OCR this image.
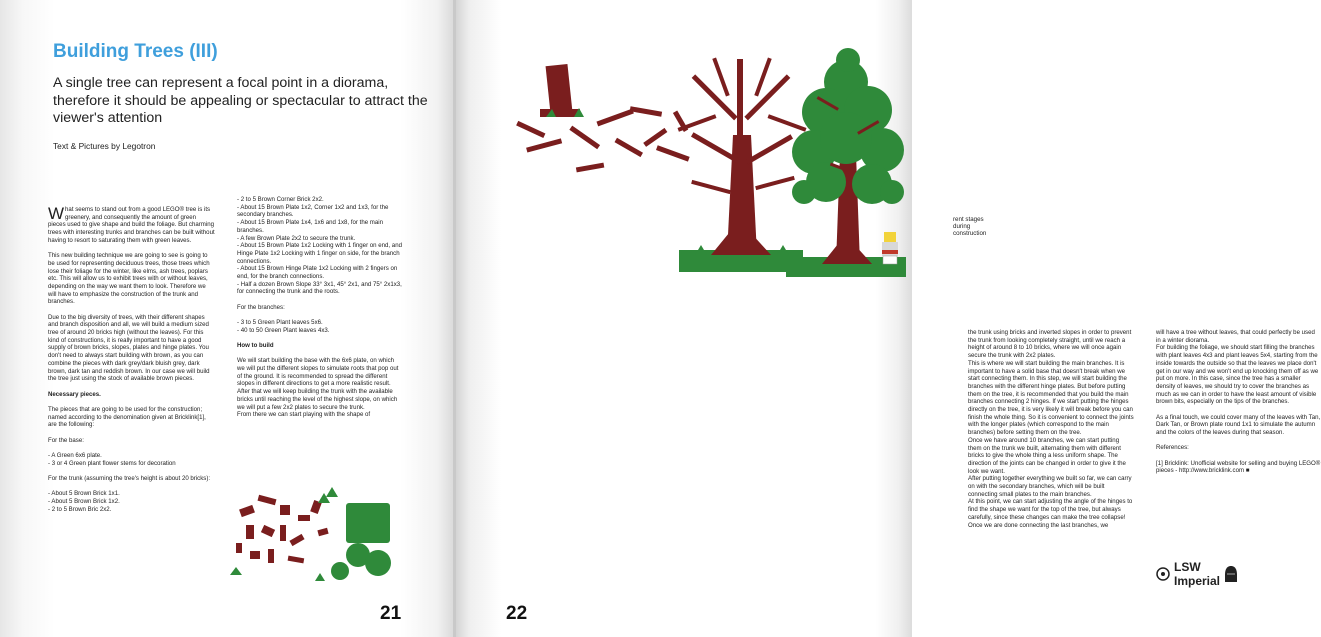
Building Trees (III)

A single tree can represent a focal point in a diorama, therefore it should be appealing or spectacular to attract the viewer's attention

Text & Pictures by Legotron

What seems to stand out from a good LEGO® tree is its greenery, and consequently the amount of green pieces used to give shape and build the foliage. But charming trees with interesting trunks and branches can be built without having to resort to saturating them with green leaves.

This new building technique we are going to see is going to be used for representing deciduous trees, those trees which lose their foliage for the winter, like elms, ash trees, poplars etc. This will allow us to exhibit trees with or without leaves, depending on the way we want them to look. Therefore we will have to emphasize the construction of the trunk and branches.

Due to the big diversity of trees, with their different shapes and branch disposition and all, we will build a medium sized tree of around 20 bricks high (without the leaves). For this kind of constructions, it is really important to have a good supply of brown bricks, slopes, plates and hinge plates. You don't need to always start building with brown, as you can combine the pieces with dark grey/dark bluish grey, dark brown, dark tan and reddish brown. In our case we will build the tree just using the stock of available brown pieces.

Necessary pieces.

The pieces that are going to be used for the construction; named according to the denomination given at Bricklink[1], are the following:

For the base:

- A Green 6x6 plate.
- 3 or 4 Green plant flower stems for decoration

For the trunk (assuming the tree's height is about 20 bricks):

- About 5 Brown Brick 1x1.
- About 5 Brown Brick 1x2.
- 2 to 5 Brown Bric 2x2.

- 2 to 5 Brown Corner Brick 2x2.
- About 15 Brown Plate 1x2, Corner 1x2 and 1x3, for the secondary branches.
- About 15 Brown Plate 1x4, 1x6 and 1x8, for the main branches.
- A few Brown Plate 2x2 to secure the trunk.
- About 15 Brown Plate 1x2 Locking with 1 finger on end, and Hinge Plate 1x2 Locking with 1 finger on side, for the branch connections.
- About 15 Brown Hinge Plate 1x2 Locking with 2 fingers on end, for the branch connections.
- Half a dozen Brown Slope 33° 3x1, 45° 2x1, and 75° 2x1x3, for connecting the trunk and the roots.

For the branches:

- 3 to 5 Green Plant leaves 5x6.
- 40 to 50 Green Plant leaves 4x3.

How to build

We will start building the base with the 6x6 plate, on which we will put the different slopes to simulate roots that pop out of the ground. It is recommended to spread the different slopes in different directions to get a more realistic result.
After that we will keep building the trunk with the available bricks until reaching the level of the highest slope, on which we will put a few 2x2 plates to secure the trunk.
From there we can start playing with the shape of

21
rent stages during construction

the trunk using bricks and inverted slopes in order to prevent the trunk from looking completely straight, until we reach a height of around 8 to 10 bricks, where we will once again secure the trunk with 2x2 plates.
This is where we will start building the main branches. It is important to have a solid base that doesn't break when we start connecting them. In this step, we will start building the branches with the different hinge plates. But before putting them on the tree, it is recommended that you build the main branches connecting 2 hinges. If we start putting the hinges directly on the tree, it is very likely it will break before you can finish the whole thing. So it is convenient to connect the joints with the longer plates (which correspond to the main branches) before setting them on the tree.
Once we have around 10 branches, we can start putting them on the trunk we built, alternating them with different bricks to give the whole thing a less uniform shape. The direction of the joints can be changed in order to give it the look we want.
After putting together everything we built so far, we can carry on with the secondary branches, which will be built connecting small plates to the main branches.
At this point, we can start adjusting the angle of the hinges to find the shape we want for the top of the tree, but always carefully, since these changes can make the tree collapse!
Once we are done connecting the last branches, we

will have a tree without leaves, that could perfectly be used in a winter diorama.
For building the foliage, we should start filling the branches with plant leaves 4x3 and plant leaves 5x4, starting from the inside towards the outside so that the leaves we place don't get in our way and we won't end up knocking them off as we put on more. In this case, since the tree has a smaller density of leaves, we should try to cover the branches as much as we can in order to have the least amount of visible brown bits, especially on the tips of the branches.

As a final touch, we could cover many of the leaves with Tan, Dark Tan, or Brown plate round 1x1 to simulate the autumn and the colors of the leaves during that season.

References:

[1] Bricklink: Unofficial website for selling and buying LEGO® pieces - http://www.bricklink.com ■

LSW Imperial
22
